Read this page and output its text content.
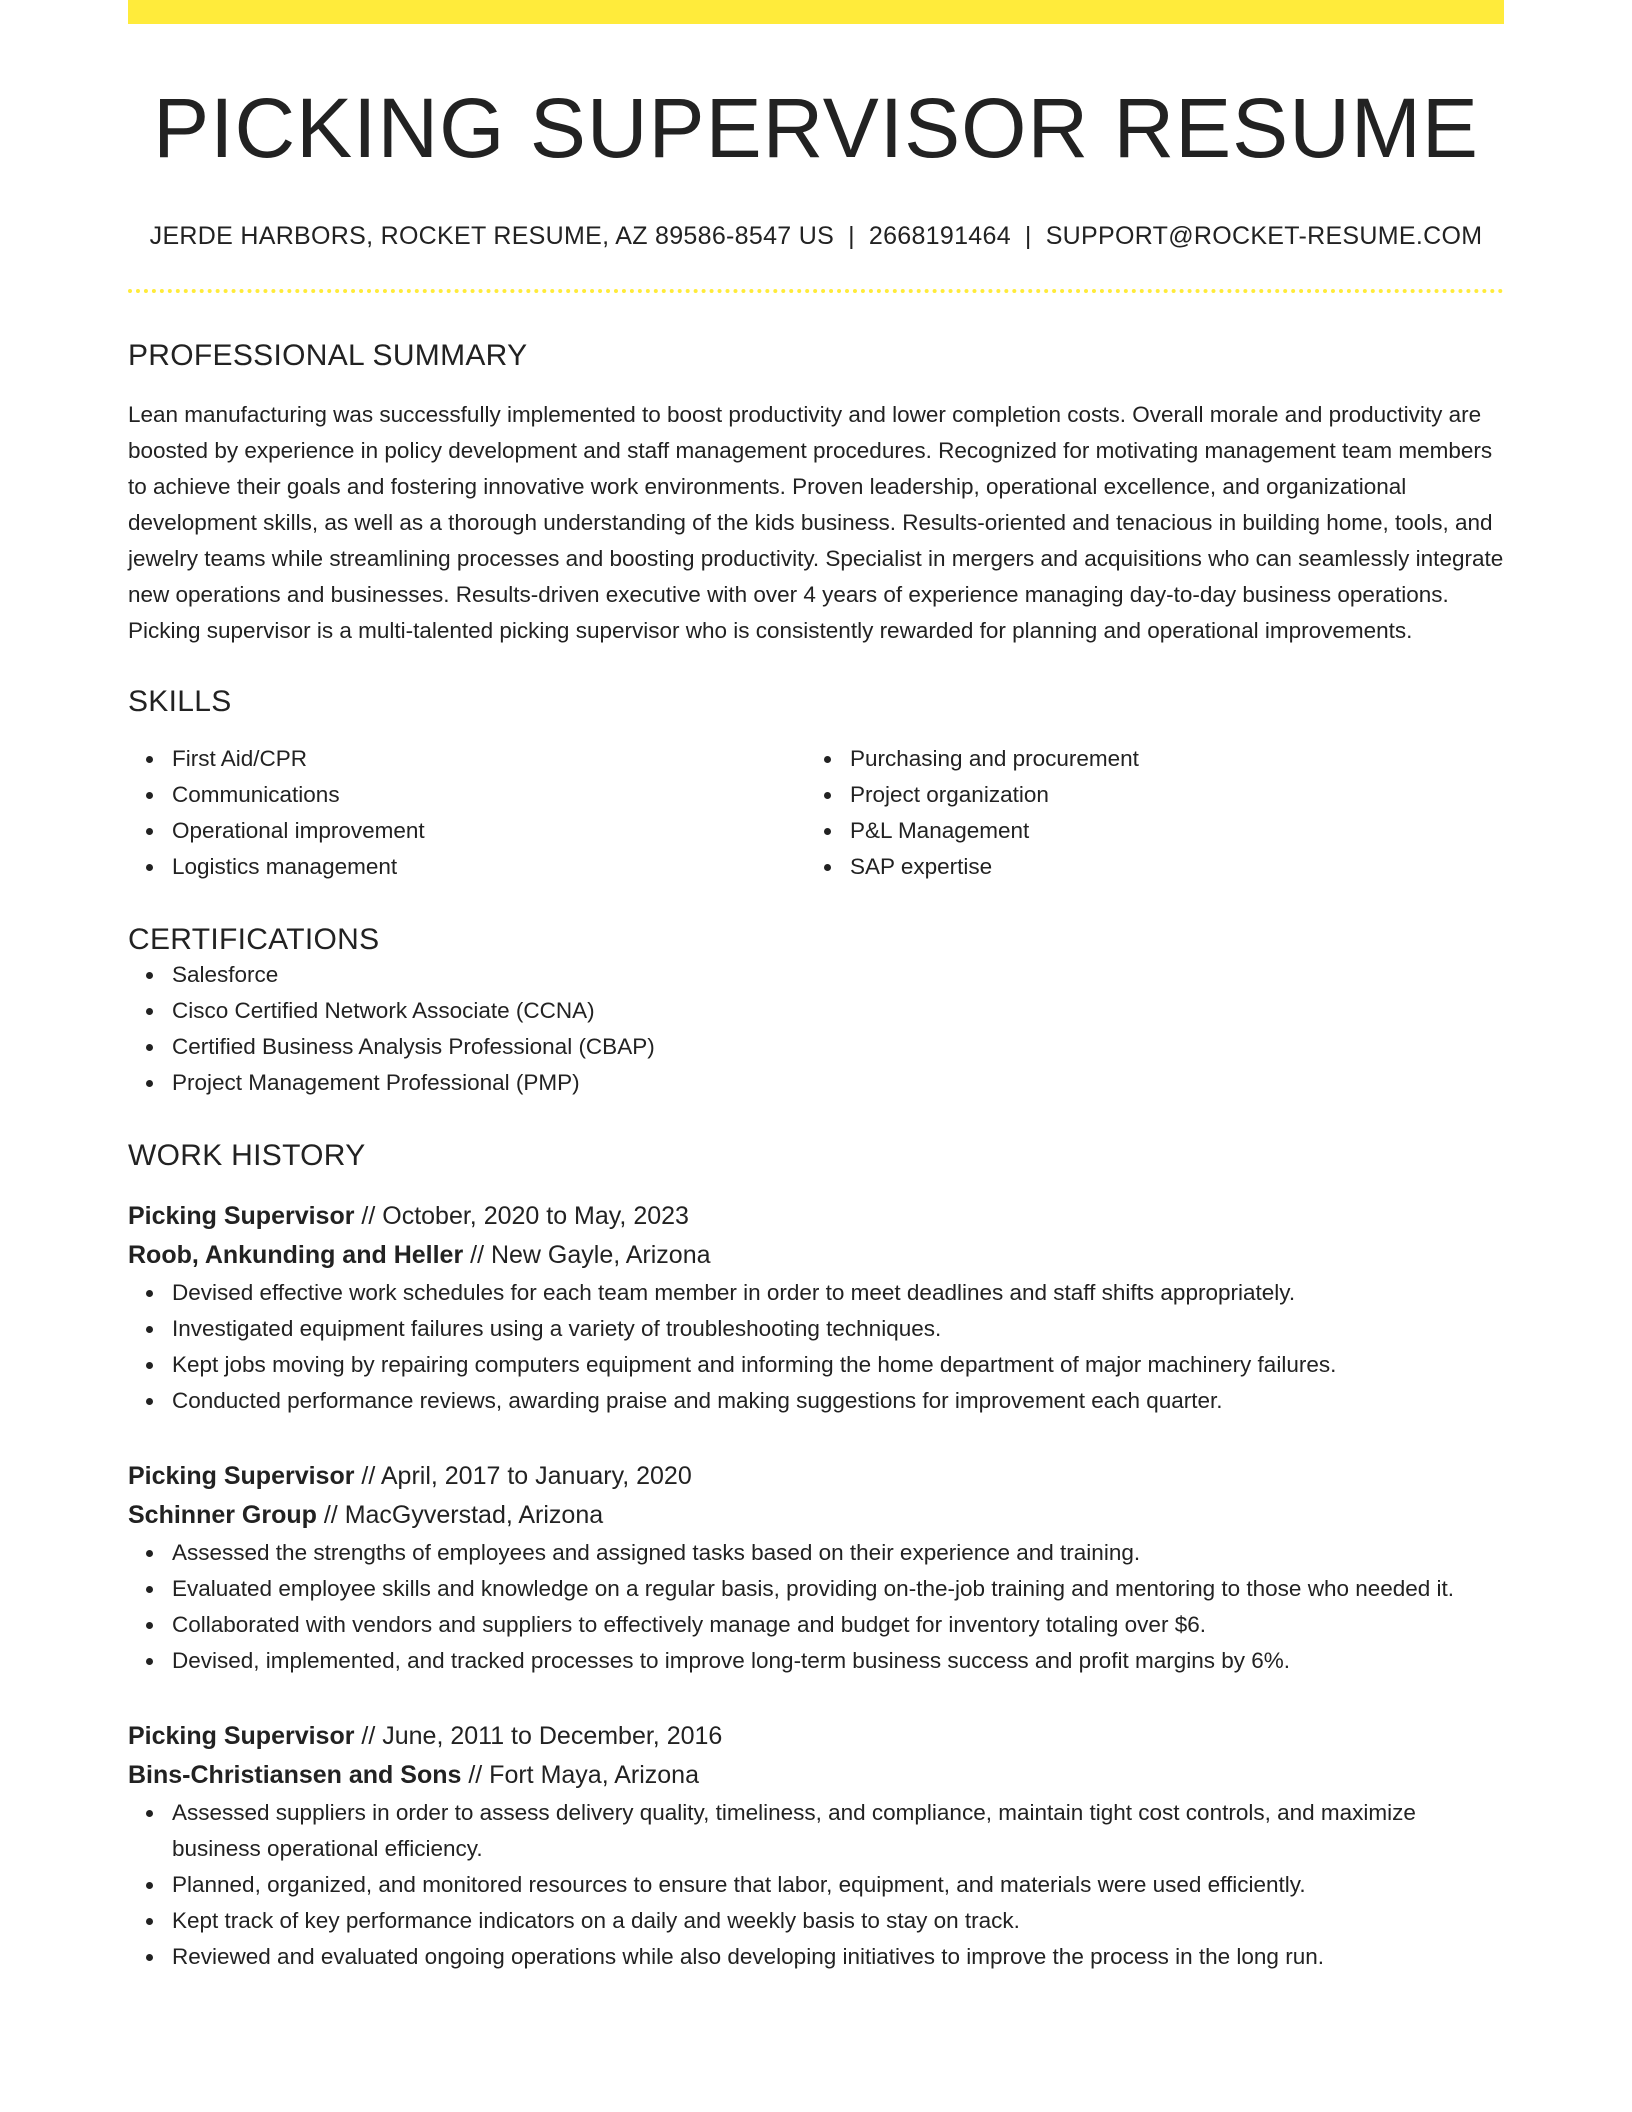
PICKING SUPERVISOR RESUME
JERDE HARBORS, ROCKET RESUME, AZ 89586-8547 US | 2668191464 | SUPPORT@ROCKET-RESUME.COM
PROFESSIONAL SUMMARY
Lean manufacturing was successfully implemented to boost productivity and lower completion costs. Overall morale and productivity are boosted by experience in policy development and staff management procedures. Recognized for motivating management team members to achieve their goals and fostering innovative work environments. Proven leadership, operational excellence, and organizational development skills, as well as a thorough understanding of the kids business. Results-oriented and tenacious in building home, tools, and jewelry teams while streamlining processes and boosting productivity. Specialist in mergers and acquisitions who can seamlessly integrate new operations and businesses. Results-driven executive with over 4 years of experience managing day-to-day business operations. Picking supervisor is a multi-talented picking supervisor who is consistently rewarded for planning and operational improvements.
SKILLS
First Aid/CPR
Communications
Operational improvement
Logistics management
Purchasing and procurement
Project organization
P&L Management
SAP expertise
CERTIFICATIONS
Salesforce
Cisco Certified Network Associate (CCNA)
Certified Business Analysis Professional (CBAP)
Project Management Professional (PMP)
WORK HISTORY
Picking Supervisor // October, 2020 to May, 2023
Roob, Ankunding and Heller // New Gayle, Arizona
Devised effective work schedules for each team member in order to meet deadlines and staff shifts appropriately.
Investigated equipment failures using a variety of troubleshooting techniques.
Kept jobs moving by repairing computers equipment and informing the home department of major machinery failures.
Conducted performance reviews, awarding praise and making suggestions for improvement each quarter.
Picking Supervisor // April, 2017 to January, 2020
Schinner Group // MacGyverstad, Arizona
Assessed the strengths of employees and assigned tasks based on their experience and training.
Evaluated employee skills and knowledge on a regular basis, providing on-the-job training and mentoring to those who needed it.
Collaborated with vendors and suppliers to effectively manage and budget for inventory totaling over $6.
Devised, implemented, and tracked processes to improve long-term business success and profit margins by 6%.
Picking Supervisor // June, 2011 to December, 2016
Bins-Christiansen and Sons // Fort Maya, Arizona
Assessed suppliers in order to assess delivery quality, timeliness, and compliance, maintain tight cost controls, and maximize business operational efficiency.
Planned, organized, and monitored resources to ensure that labor, equipment, and materials were used efficiently.
Kept track of key performance indicators on a daily and weekly basis to stay on track.
Reviewed and evaluated ongoing operations while also developing initiatives to improve the process in the long run.
